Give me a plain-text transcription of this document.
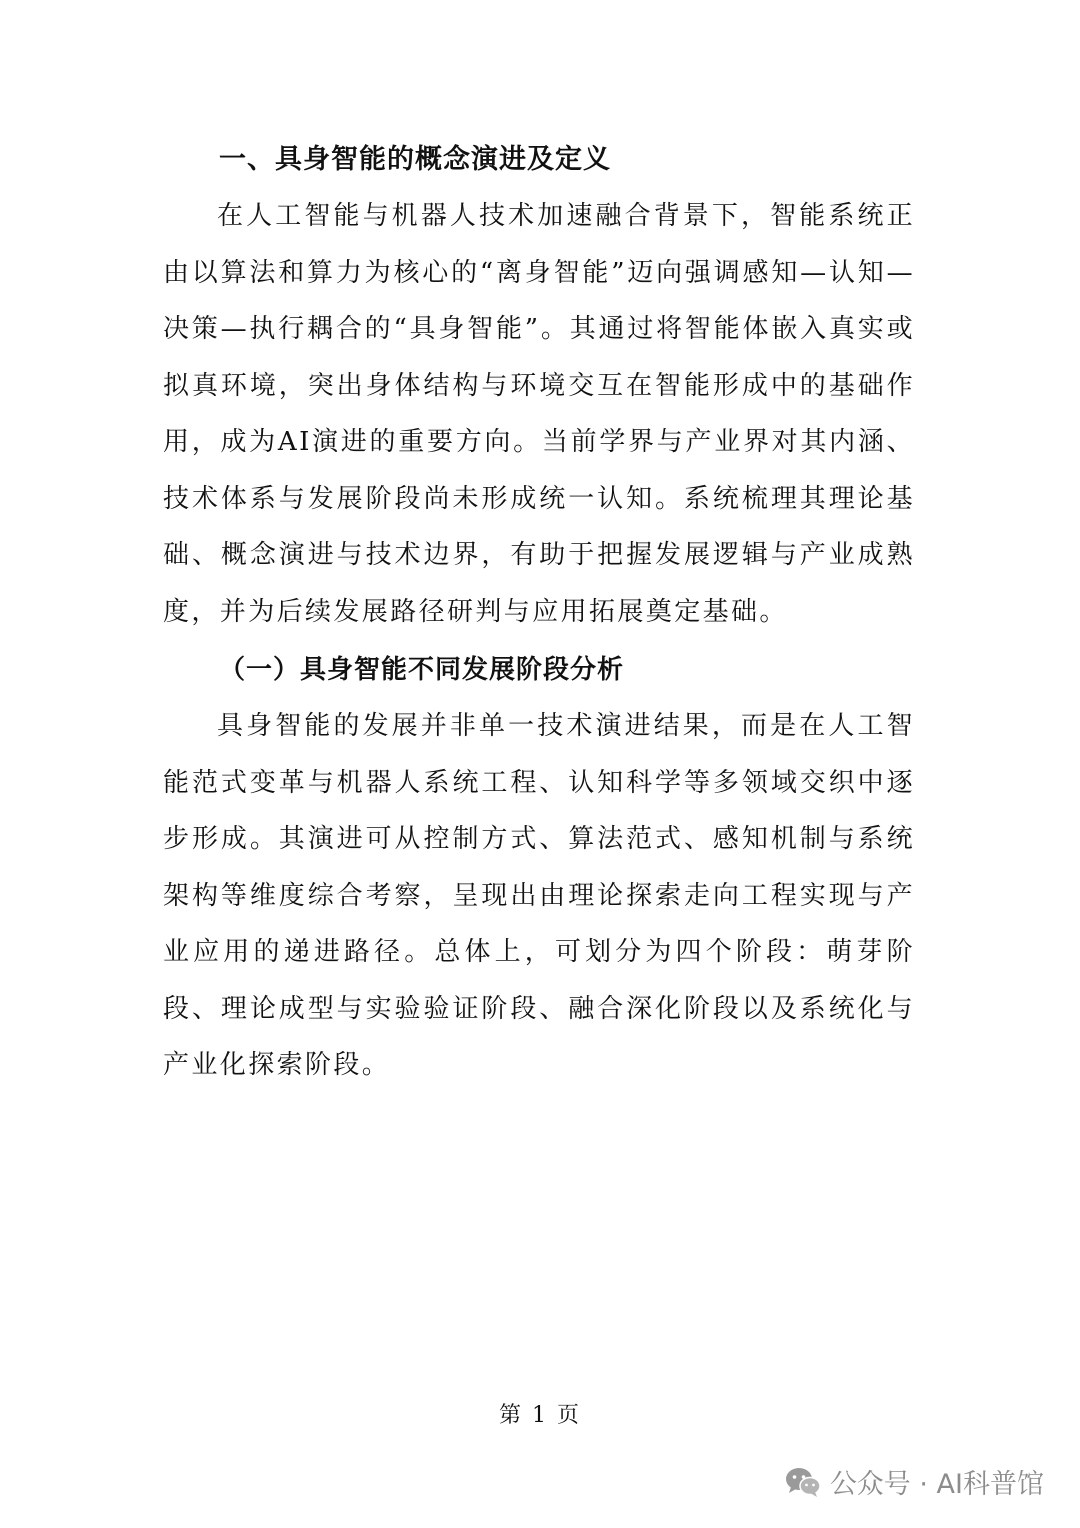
一、具身智能的概念演进及定义

在人工智能与机器人技术加速融合背景下，智能系统正由以算法和算力为核心的“离身智能”迈向强调感知—认知—决策—执行耦合的“具身智能”。其通过将智能体嵌入真实或拟真环境，突出身体结构与环境交互在智能形成中的基础作用，成为AI演进的重要方向。当前学界与产业界对其内涵、技术体系与发展阶段尚未形成统一认知。系统梳理其理论基础、概念演进与技术边界，有助于把握发展逻辑与产业成熟度，并为后续发展路径研判与应用拓展奠定基础。

（一）具身智能不同发展阶段分析

具身智能的发展并非单一技术演进结果，而是在人工智能范式变革与机器人系统工程、认知科学等多领域交织中逐步形成。其演进可从控制方式、算法范式、感知机制与系统架构等维度综合考察，呈现出由理论探索走向工程实现与产业应用的递进路径。总体上，可划分为四个阶段：萌芽阶段、理论成型与实验验证阶段、融合深化阶段以及系统化与产业化探索阶段。

第 1 页
公众号 · AI科普馆
